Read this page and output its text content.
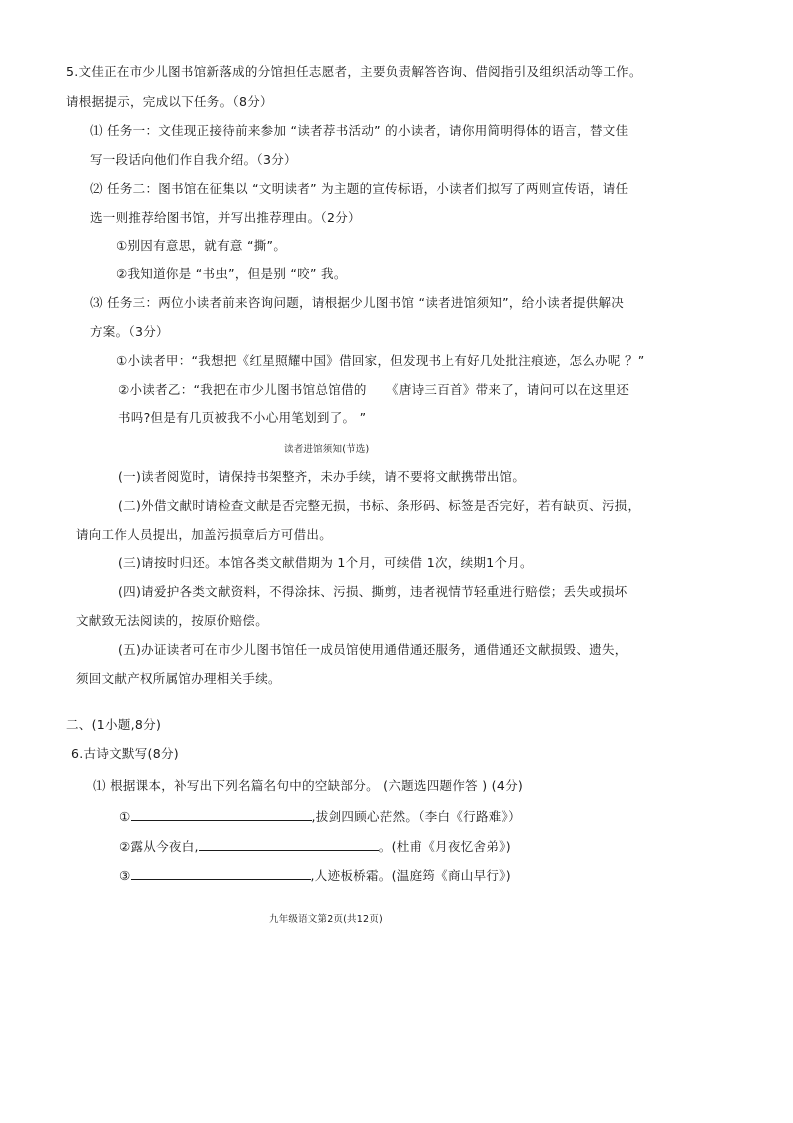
5.文佳正在市少儿图书馆新落成的分馆担任志愿者，主要负责解答咨询、借阅指引及组织活动等工作。
请根据提示，完成以下任务。（8分）
⑴ 任务一：文佳现正接待前来参加 “读者荐书活动” 的小读者，请你用简明得体的语言，替文佳
写一段话向他们作自我介绍。（3分）
⑵ 任务二：图书馆在征集以 “文明读者” 为主题的宣传标语，小读者们拟写了两则宣传语，请任
选一则推荐给图书馆，并写出推荐理由。（2分）
①别因有意思，就有意 “撕”。
②我知道你是 “书虫”，但是别 “咬” 我。
⑶ 任务三：两位小读者前来咨询问题，请根据少儿图书馆 “读者进馆须知”，给小读者提供解决
方案。（3分）
①小读者甲：“我想把《红星照耀中国》借回家，但发现书上有好几处批注痕迹，怎么办呢 ？”
②小读者乙：“我把在市少儿图书馆总馆借的　　《唐诗三百首》带来了，请问可以在这里还
书吗?但是有几页被我不小心用笔划到了。 ”
读者进馆须知(节选)
(一)读者阅览时，请保持书架整齐，未办手续，请不要将文献携带出馆。
(二)外借文献时请检查文献是否完整无损，书标、条形码、标签是否完好，若有缺页、污损，
请向工作人员提出，加盖污损章后方可借出。
(三)请按时归还。本馆各类文献借期为 1个月，可续借 1次，续期1个月。
(四)请爱护各类文献资料，不得涂抹、污损、撕剪，违者视情节轻重进行赔偿；丢失或损坏
文献致无法阅读的，按原价赔偿。
(五)办证读者可在市少儿图书馆任一成员馆使用通借通还服务，通借通还文献损毁、遗失，
须回文献产权所属馆办理相关手续。
二、(1小题,8分)
6.古诗文默写(8分)
⑴ 根据课本，补写出下列名篇名句中的空缺部分。 (六题选四题作答 ) (4分)
①	,拔剑四顾心茫然。（李白《行路难》）
②露从今夜白,	。(杜甫《月夜忆舍弟》)
③	,人迹板桥霜。(温庭筠《商山早行》)
九年级语文第2页(共12页)
